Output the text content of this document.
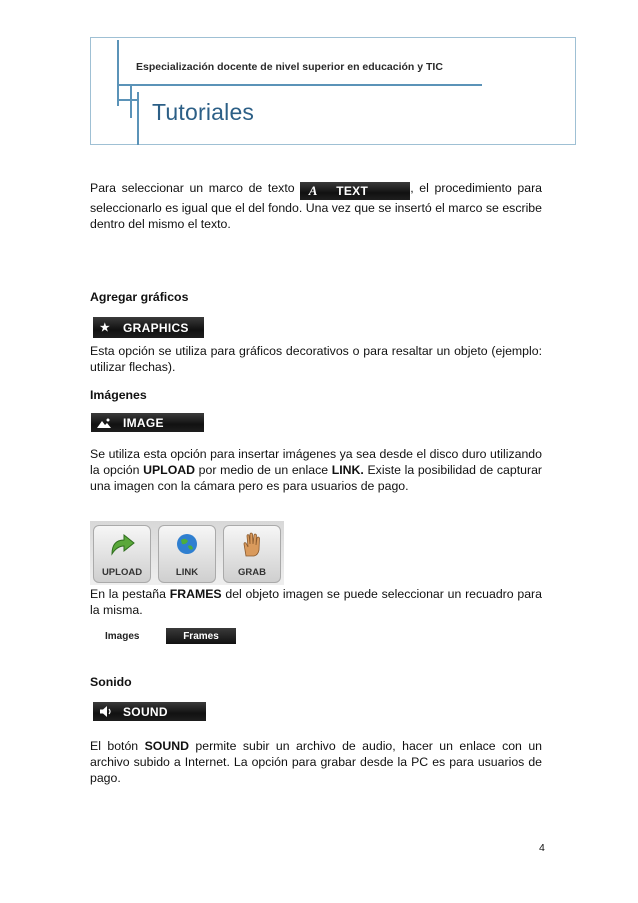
Especialización docente de nivel superior en educación y TIC
Tutoriales
Para seleccionar un marco de texto A TEXT	, el procedimiento para seleccionarlo es igual que el del fondo. Una vez que se insertó el marco se escribe dentro del mismo el texto.
Agregar gráficos
★ GRAPHICS
Esta opción se utiliza para gráficos decorativos o para resaltar un objeto (ejemplo: utilizar flechas).
Imágenes
IMAGE
Se utiliza esta opción para insertar imágenes ya sea desde el disco duro utilizando la opción UPLOAD por medio de un enlace LINK. Existe la posibilidad de capturar una imagen con la cámara pero es para usuarios de pago.
UPLOAD	LINK	GRAB
En la pestaña FRAMES del objeto imagen se puede seleccionar un recuadro para la misma.
Images	Frames
Sonido
SOUND
El botón SOUND permite subir un archivo de audio, hacer un enlace con un archivo subido a Internet. La opción para grabar desde la PC es para usuarios de pago.
4
